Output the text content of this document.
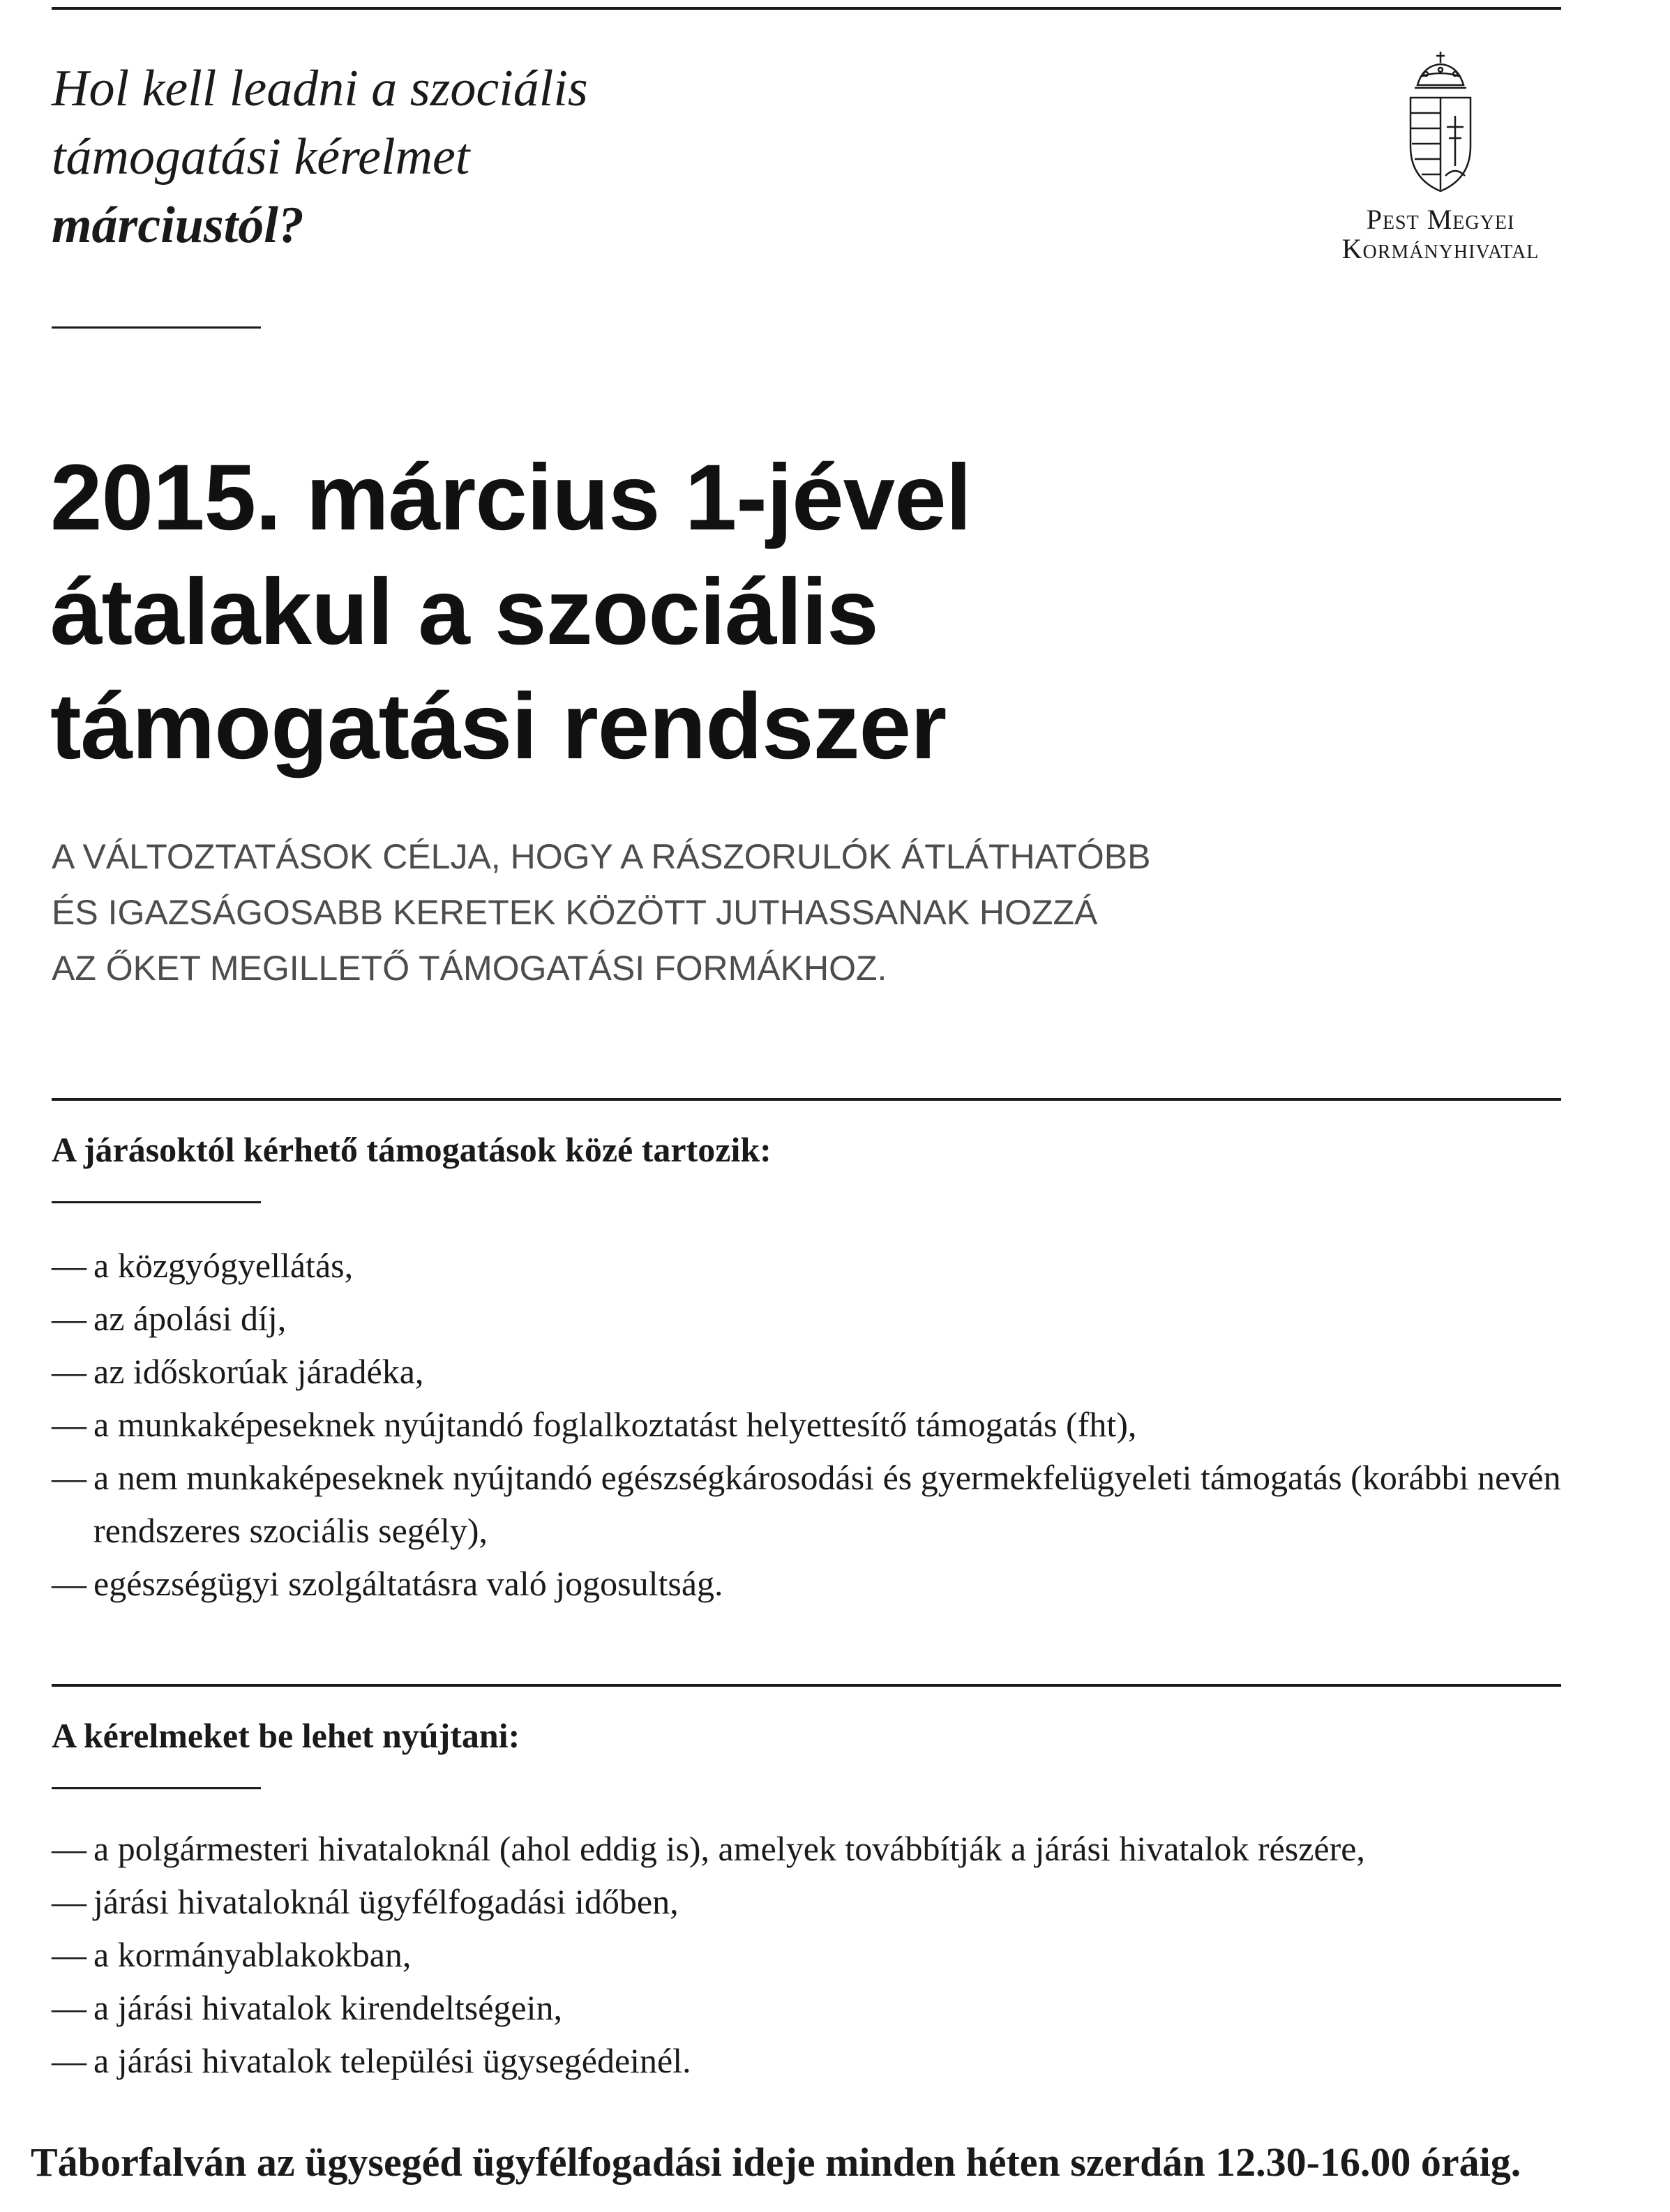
Hol kell leadni a szociális
támogatási kérelmet
márciustól?	Pest Megyei
Kormányhivatal
2015. március 1-jével
átalakul a szociális
támogatási rendszer
A VÁLTOZTATÁSOK CÉLJA, HOGY A RÁSZORULÓK ÁTLÁTHATÓBB
ÉS IGAZSÁGOSABB KERETEK KÖZÖTT JUTHASSANAK HOZZÁ
AZ ŐKET MEGILLETŐ TÁMOGATÁSI FORMÁKHOZ.
A járásoktól kérhető támogatások közé tartozik:
— a közgyógyellátás,
— az ápolási díj,
— az időskorúak járadéka,
— a munkaképeseknek nyújtandó foglalkoztatást helyettesítő támogatás (fht),
— a nem munkaképeseknek nyújtandó egészségkárosodási és gyermekfelügyeleti támogatás (korábbi nevén rendszeres szociális segély),
— egészségügyi szolgáltatásra való jogosultság.
A kérelmeket be lehet nyújtani:
— a polgármesteri hivataloknál (ahol eddig is), amelyek továbbítják a járási hivatalok részére,
— járási hivataloknál ügyfélfogadási időben,
— a kormányablakokban,
— a járási hivatalok kirendeltségein,
— a járási hivatalok települési ügysegédeinél.
Táborfalván az ügysegéd ügyfélfogadási ideje minden héten szerdán 12.30-16.00 óráig.
